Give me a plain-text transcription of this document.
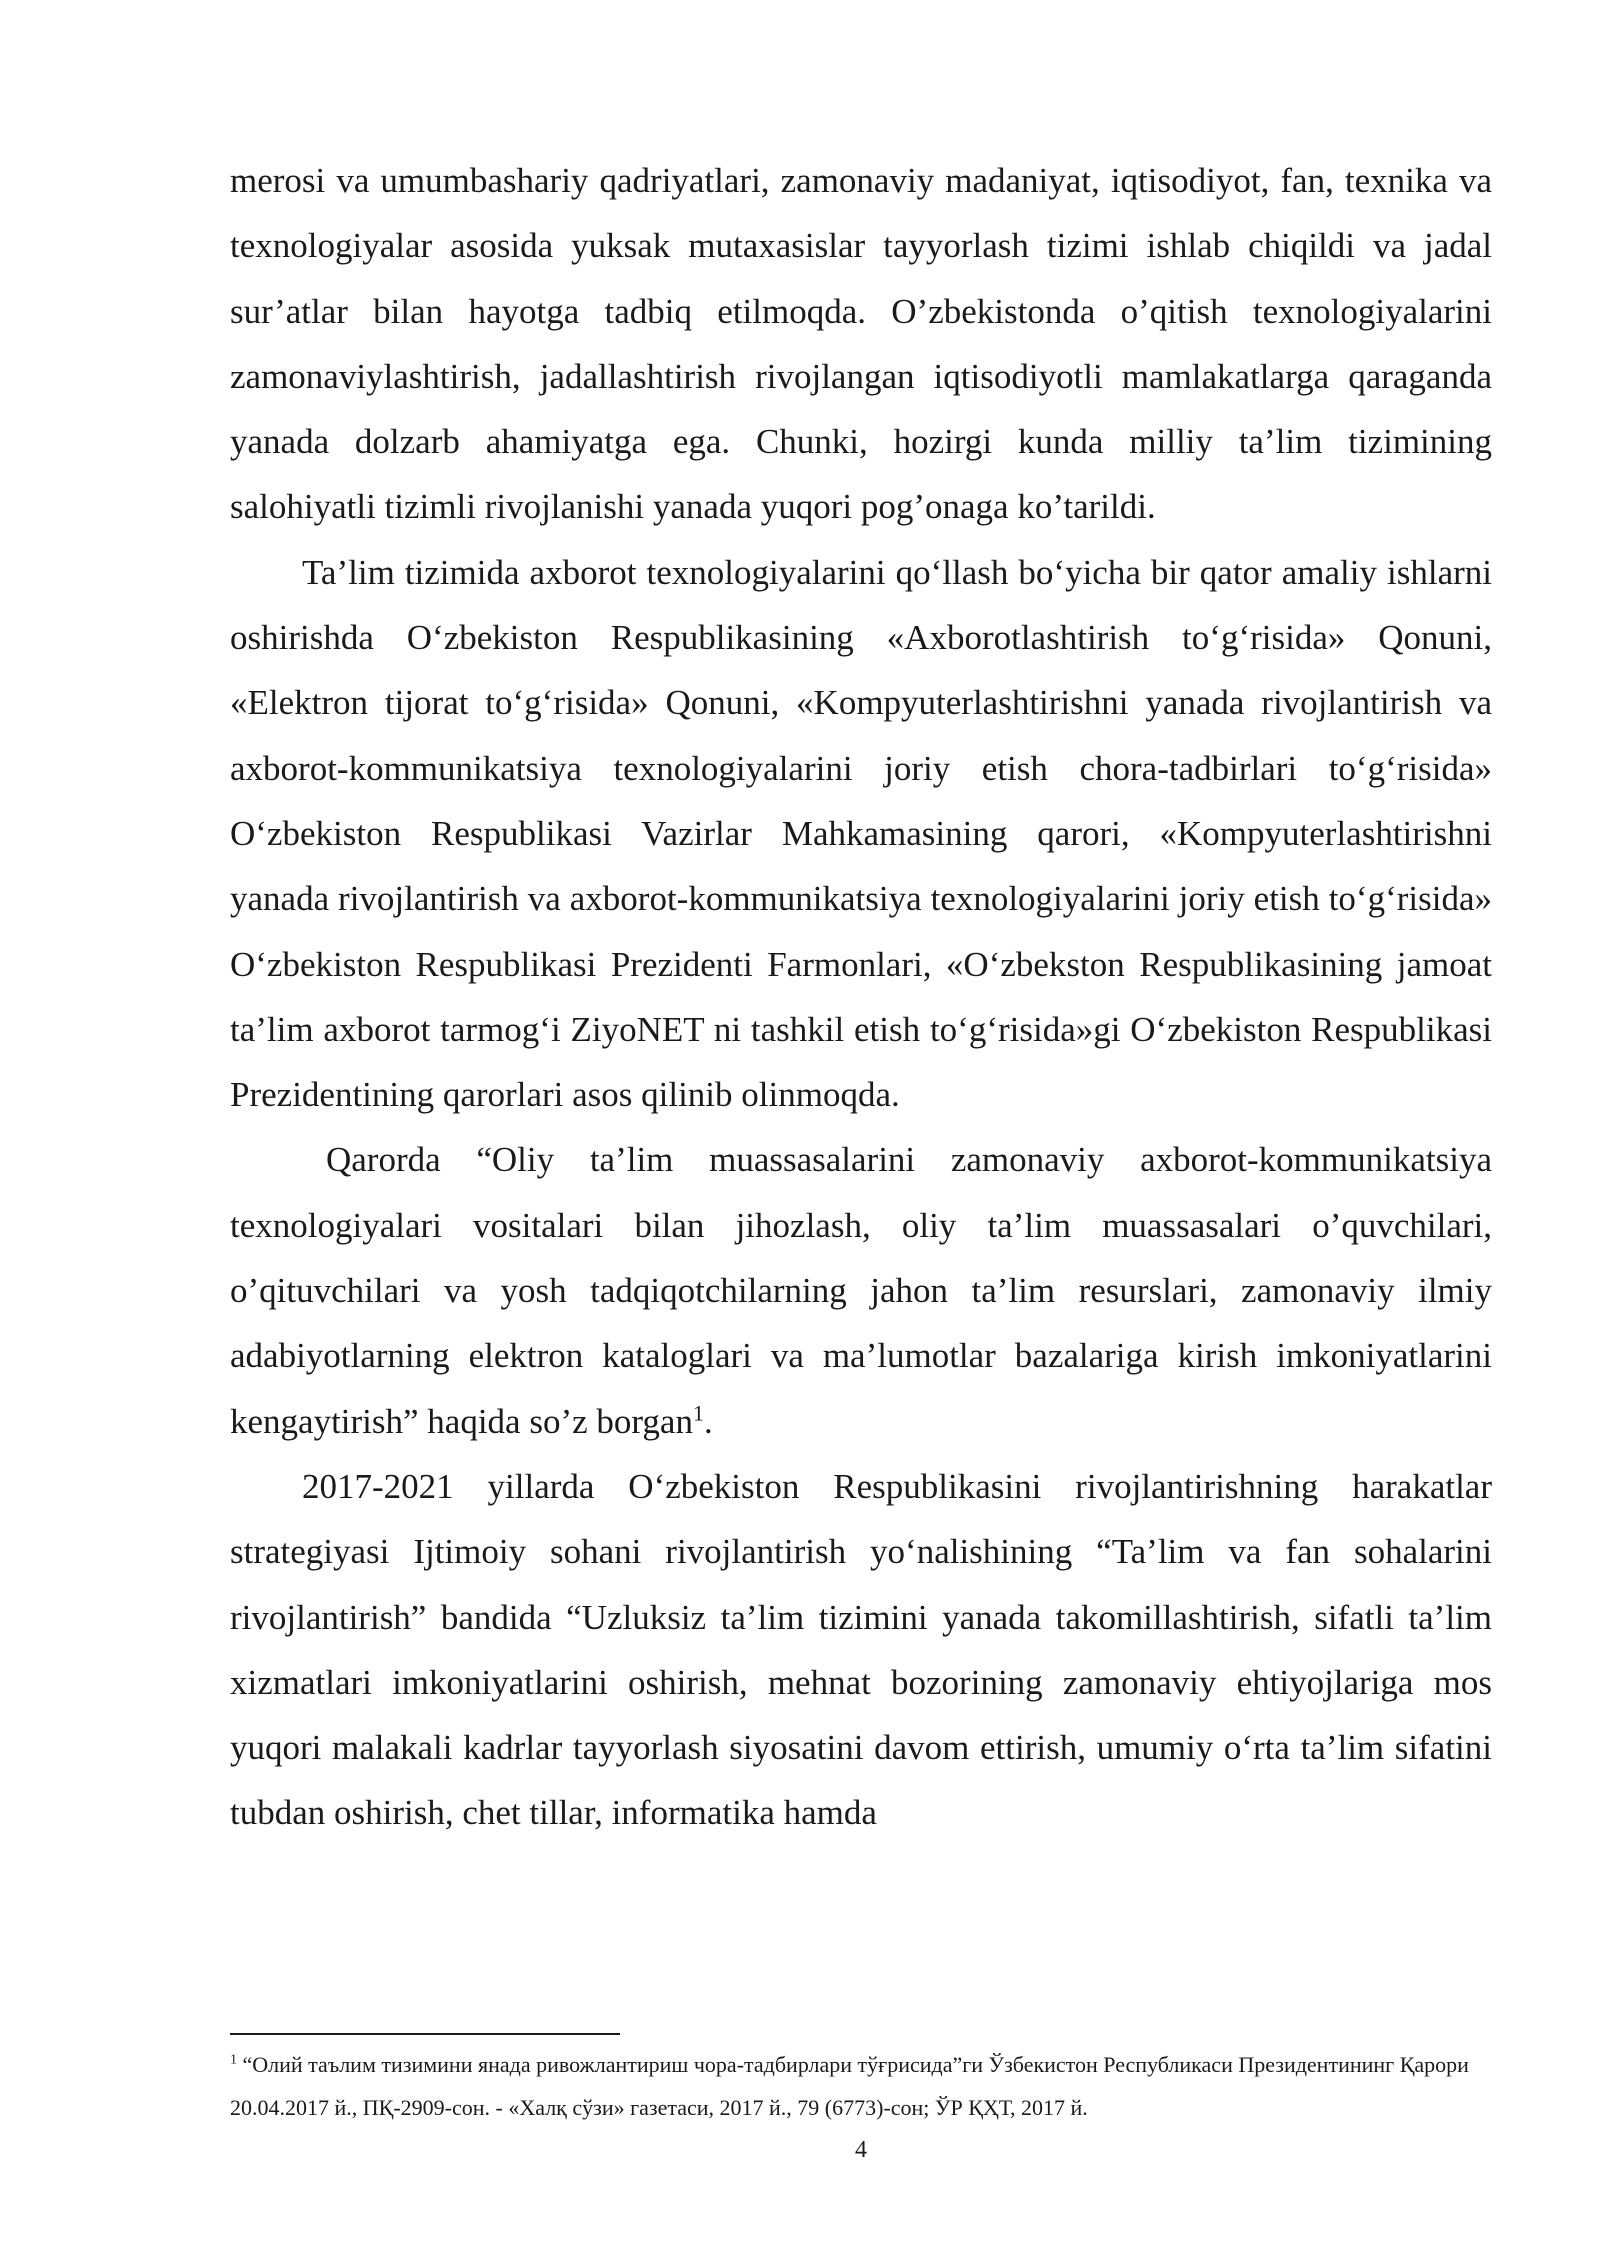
merosi va umumbashariy qadriyatlari, zamonaviy madaniyat, iqtisodiyot, fan, texnika va texnologiyalar asosida yuksak mutaxasislar tayyorlash tizimi ishlab chiqildi va jadal sur’atlar bilan hayotga tadbiq etilmoqda. O’zbekistonda o’qitish texnologiyalarini zamonaviylashtirish, jadallashtirish rivojlangan iqtisodiyotli mamlakatlarga qaraganda yanada dolzarb ahamiyatga ega. Chunki, hozirgi kunda milliy ta’lim tizimining salohiyatli tizimli rivojlanishi yanada yuqori pog’onaga ko’tarildi.

Ta’lim tizimida axborot texnologiyalarini qo‘llash bo‘yicha bir qator amaliy ishlarni oshirishda O‘zbekiston Respublikasining «Axborotlashtirish to‘g‘risida» Qonuni, «Elektron tijorat to‘g‘risida» Qonuni, «Kompyuterlashtirishni yanada rivojlantirish va axborot-kommunikatsiya texnologiyalarini joriy etish chora-tadbirlari to‘g‘risida» O‘zbekiston Respublikasi Vazirlar Mahkamasining qarori, «Kompyuterlashtirishni yanada rivojlantirish va axborot-kommunikatsiya texnologiyalarini joriy etish to‘g‘risida» O‘zbekiston Respublikasi Prezidenti Farmonlari, «O‘zbekston Respublikasining jamoat ta’lim axborot tarmog‘i ZiyoNET ni tashkil etish to‘g‘risida»gi O‘zbekiston Respublikasi Prezidentining qarorlari asos qilinib olinmoqda.

Qarorda “Oliy ta’lim muassasalarini zamonaviy axborot-kommunikatsiya texnologiyalari vositalari bilan jihozlash, oliy ta’lim muassasalari o’quvchilari, o’qituvchilari va yosh tadqiqotchilarning jahon ta’lim resurslari, zamonaviy ilmiy adabiyotlarning elektron kataloglari va ma’lumotlar bazalariga kirish imkoniyatlarini kengaytirish” haqida so’z borgan$^1$.

2017-2021 yillarda O‘zbekiston Respublikasini rivojlantirishning harakatlar strategiyasi Ijtimoiy sohani rivojlantirish yo‘nalishining “Ta’lim va fan sohalarini rivojlantirish” bandida “Uzluksiz ta’lim tizimini yanada takomillashtirish, sifatli ta’lim xizmatlari imkoniyatlarini oshirish, mehnat bozorining zamonaviy ehtiyojlariga mos yuqori malakali kadrlar tayyorlash siyosatini davom ettirish, umumiy o‘rta ta’lim sifatini tubdan oshirish, chet tillar, informatika hamda

$^1$ “Олий таълим тизимини янада ривожлантириш чора-тадбирлари тўғрисида”ги Ўзбекистон Республикаси Президентининг Қарори 20.04.2017 й., ПҚ-2909-сон. - «Халқ сўзи» газетаси, 2017 й., 79 (6773)-сон; ЎР ҚҲТ, 2017 й.
4
